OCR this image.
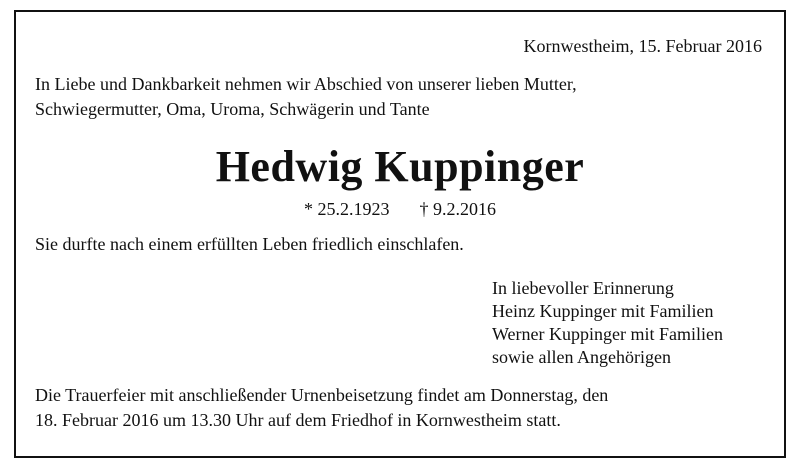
Kornwestheim, 15. Februar 2016
In Liebe und Dankbarkeit nehmen wir Abschied von unserer lieben Mutter,
Schwiegermutter, Oma, Uroma, Schwägerin und Tante
Hedwig Kuppinger
* 25.2.1923 † 9.2.2016
Sie durfte nach einem erfüllten Leben friedlich einschlafen.
In liebevoller Erinnerung
Heinz Kuppinger mit Familien
Werner Kuppinger mit Familien
sowie allen Angehörigen
Die Trauerfeier mit anschließender Urnenbeisetzung findet am Donnerstag, den
18. Februar 2016 um 13.30 Uhr auf dem Friedhof in Kornwestheim statt.
